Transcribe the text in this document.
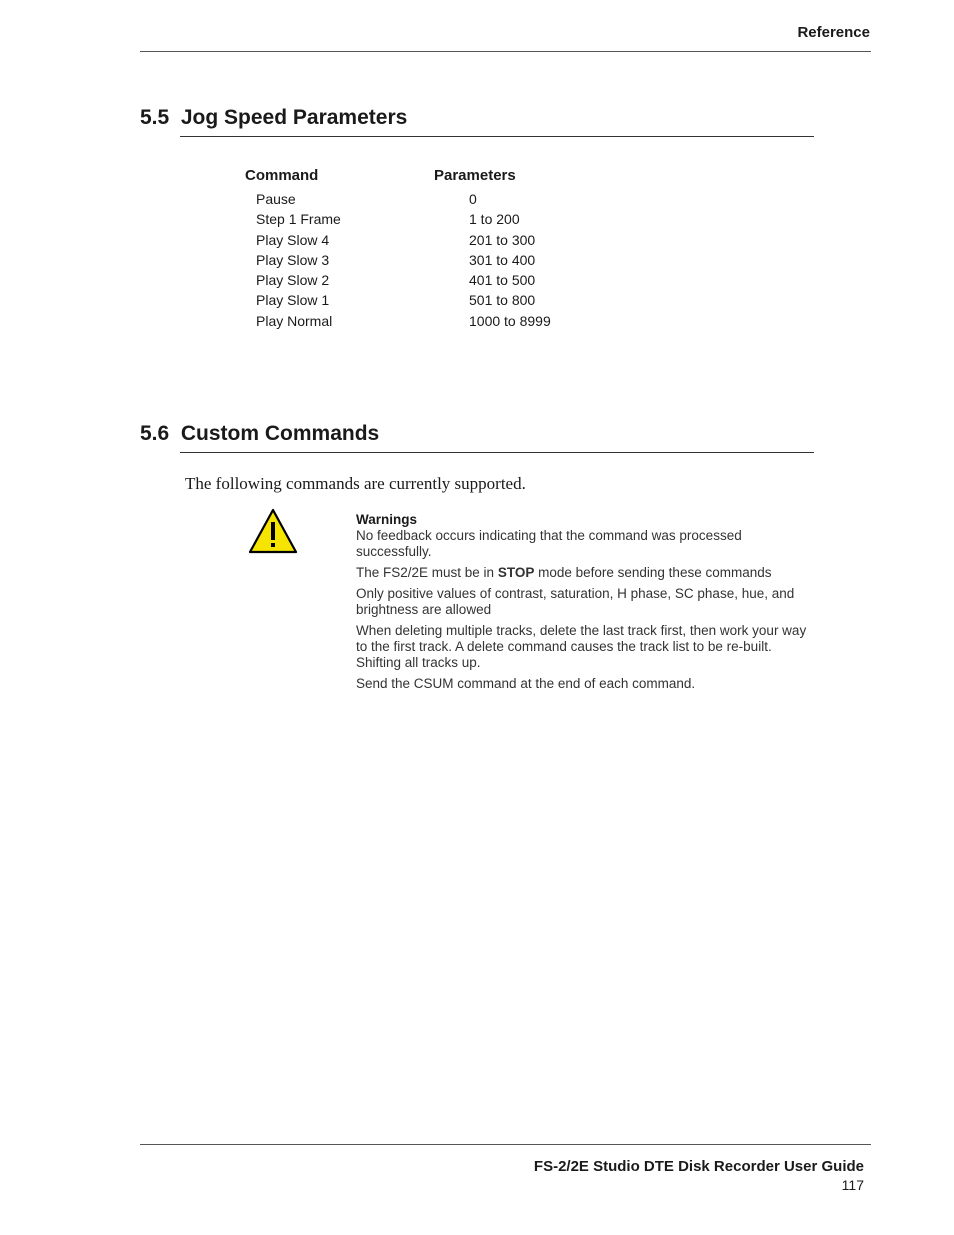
Reference
5.5 Jog Speed Parameters
Command	Parameters
Pause	0
Step 1 Frame	1 to 200
Play Slow 4	201 to 300
Play Slow 3	301 to 400
Play Slow 2	401 to 500
Play Slow 1	501 to 800
Play Normal	1000 to 8999
5.6 Custom Commands
The following commands are currently supported.
Warnings

No feedback occurs indicating that the command was processed successfully.

The FS2/2E must be in STOP mode before sending these commands

Only positive values of contrast, saturation, H phase, SC phase, hue, and brightness are allowed

When deleting multiple tracks, delete the last track first, then work your way to the first track. A delete command causes the track list to be re-built. Shifting all tracks up.

Send the CSUM command at the end of each command.

FS-2/2E Studio DTE Disk Recorder User Guide
117
